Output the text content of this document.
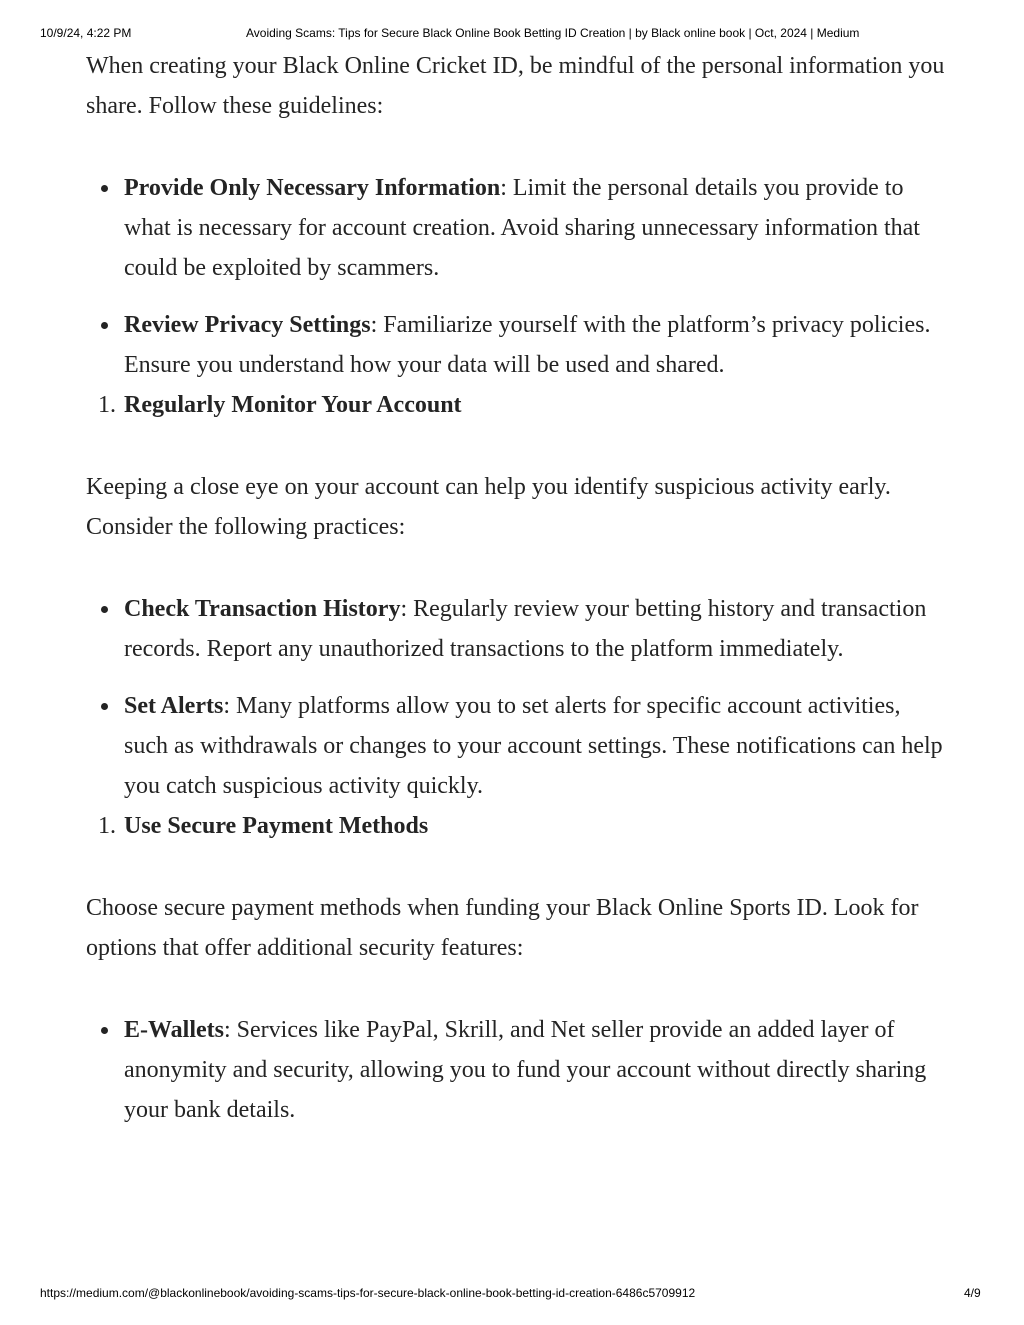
10/9/24, 4:22 PM	Avoiding Scams: Tips for Secure Black Online Book Betting ID Creation | by Black online book | Oct, 2024 | Medium

When creating your Black Online Cricket ID, be mindful of the personal information you share. Follow these guidelines:

Provide Only Necessary Information: Limit the personal details you provide to what is necessary for account creation. Avoid sharing unnecessary information that could be exploited by scammers.
Review Privacy Settings: Familiarize yourself with the platform’s privacy policies. Ensure you understand how your data will be used and shared.

1. Regularly Monitor Your Account

Keeping a close eye on your account can help you identify suspicious activity early. Consider the following practices:

Check Transaction History: Regularly review your betting history and transaction records. Report any unauthorized transactions to the platform immediately.
Set Alerts: Many platforms allow you to set alerts for specific account activities, such as withdrawals or changes to your account settings. These notifications can help you catch suspicious activity quickly.

1. Use Secure Payment Methods

Choose secure payment methods when funding your Black Online Sports ID. Look for options that offer additional security features:

E-Wallets: Services like PayPal, Skrill, and Net seller provide an added layer of anonymity and security, allowing you to fund your account without directly sharing your bank details.
https://medium.com/@blackonlinebook/avoiding-scams-tips-for-secure-black-online-book-betting-id-creation-6486c5709912	4/9
